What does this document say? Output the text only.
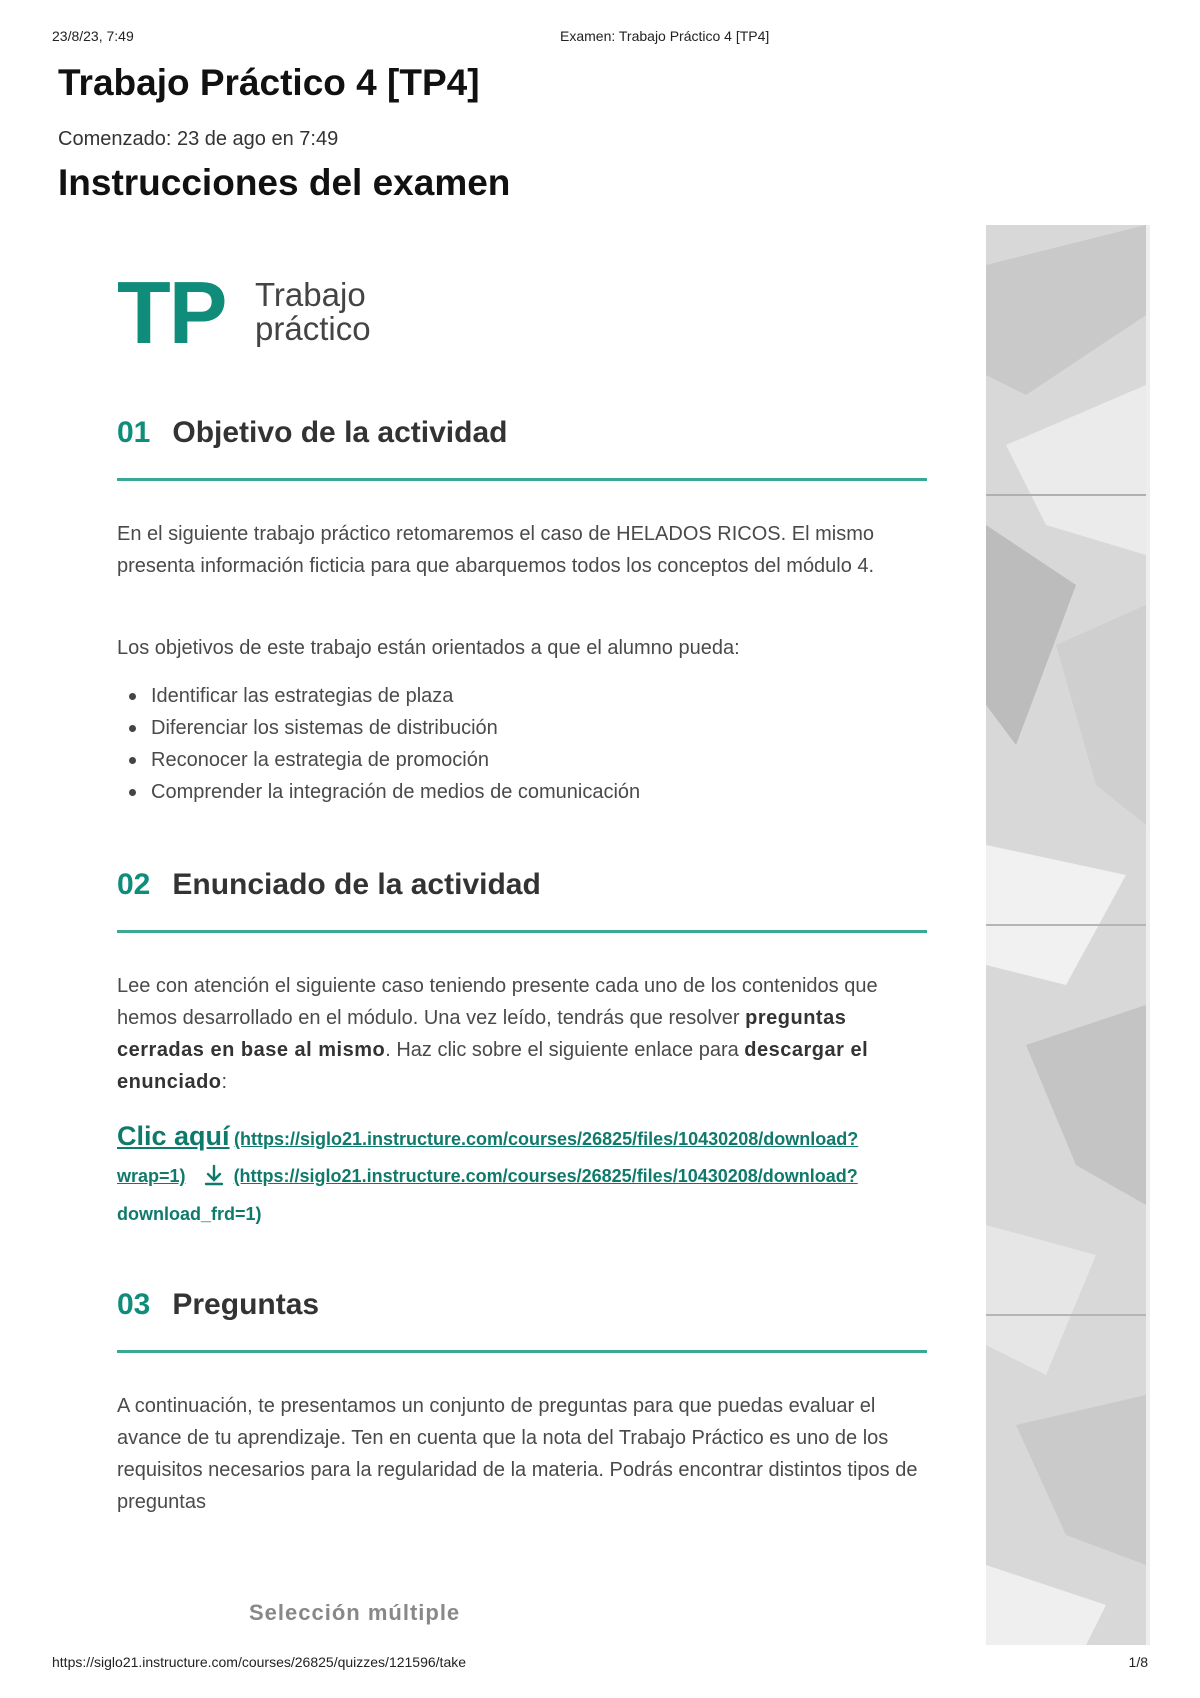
23/8/23, 7:49	Examen: Trabajo Práctico 4 [TP4]
Trabajo Práctico 4 [TP4]
Comenzado: 23 de ago en 7:49
Instrucciones del examen
TP Trabajo
práctico
01 Objetivo de la actividad

En el siguiente trabajo práctico retomaremos el caso de HELADOS RICOS. El mismo presenta información ficticia para que abarquemos todos los conceptos del módulo 4.

Los objetivos de este trabajo están orientados a que el alumno pueda:

Identificar las estrategias de plaza
Diferenciar los sistemas de distribución
Reconocer la estrategia de promoción
Comprender la integración de medios de comunicación
02 Enunciado de la actividad

Lee con atención el siguiente caso teniendo presente cada uno de los contenidos que hemos desarrollado en el módulo. Una vez leído, tendrás que resolver preguntas cerradas en base al mismo. Haz clic sobre el siguiente enlace para descargar el enunciado:

Clic aquí (https://siglo21.instructure.com/courses/26825/files/10430208/download?
wrap=1)	(https://siglo21.instructure.com/courses/26825/files/10430208/download?
download_frd=1)
03 Preguntas

A continuación, te presentamos un conjunto de preguntas para que puedas evaluar el avance de tu aprendizaje. Ten en cuenta que la nota del Trabajo Práctico es uno de los requisitos necesarios para la regularidad de la materia. Podrás encontrar distintos tipos de preguntas

Selección múltiple
https://siglo21.instructure.com/courses/26825/quizzes/121596/take	1/8
